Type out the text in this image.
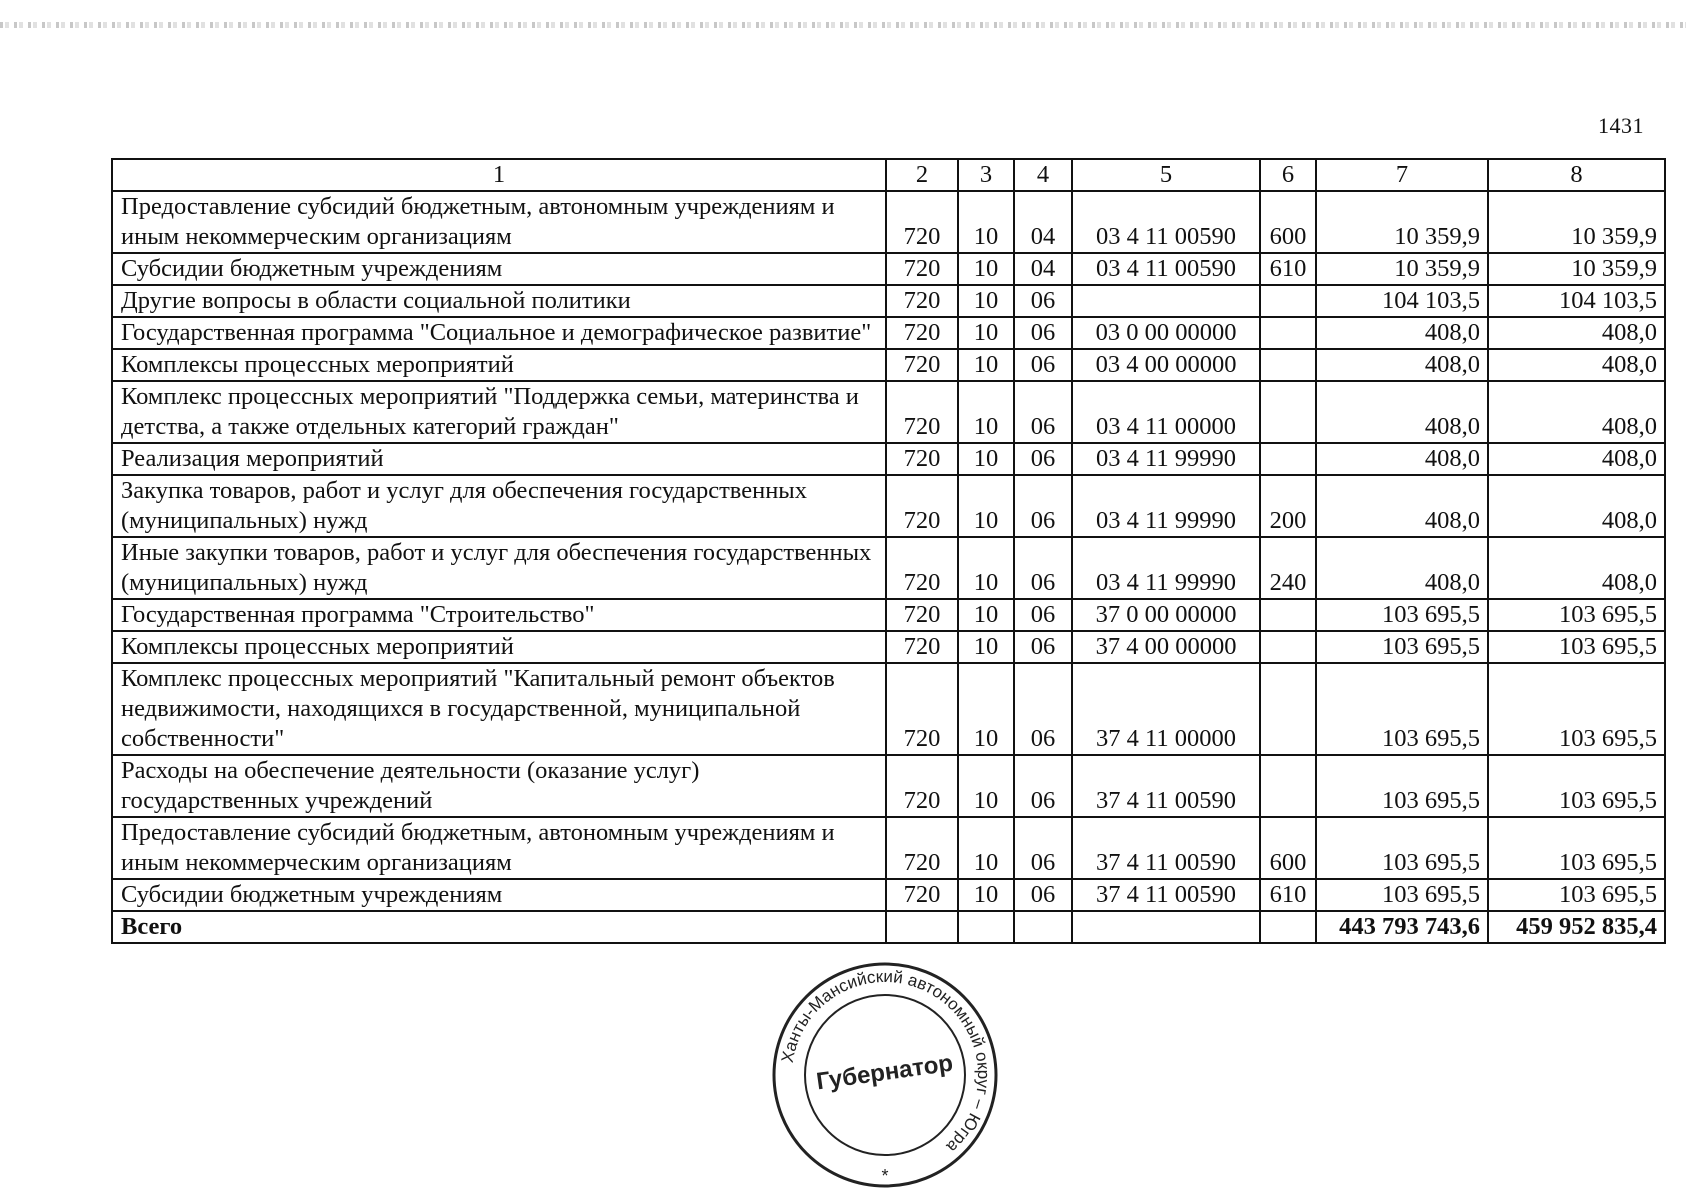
1431
1	2	3	4	5	6	7	8
Предоставление субсидий бюджетным, автономным учреждениям и иным некоммерческим организациям	720	10	04	03 4 11 00590	600	10 359,9	10 359,9
Субсидии бюджетным учреждениям	720	10	04	03 4 11 00590	610	10 359,9	10 359,9
Другие вопросы в области социальной политики	720	10	06			104 103,5	104 103,5
Государственная программа "Социальное и демографическое развитие"	720	10	06	03 0 00 00000		408,0	408,0
Комплексы процессных мероприятий	720	10	06	03 4 00 00000		408,0	408,0
Комплекс процессных мероприятий "Поддержка семьи, материнства и детства, а также отдельных категорий граждан"	720	10	06	03 4 11 00000		408,0	408,0
Реализация мероприятий	720	10	06	03 4 11 99990		408,0	408,0
Закупка товаров, работ и услуг для обеспечения государственных (муниципальных) нужд	720	10	06	03 4 11 99990	200	408,0	408,0
Иные закупки товаров, работ и услуг для обеспечения государственных (муниципальных) нужд	720	10	06	03 4 11 99990	240	408,0	408,0
Государственная программа "Строительство"	720	10	06	37 0 00 00000		103 695,5	103 695,5
Комплексы процессных мероприятий	720	10	06	37 4 00 00000		103 695,5	103 695,5
Комплекс процессных мероприятий "Капитальный ремонт объектов недвижимости, находящихся в государственной, муниципальной собственности"	720	10	06	37 4 11 00000		103 695,5	103 695,5
Расходы на обеспечение деятельности (оказание услуг) государственных учреждений	720	10	06	37 4 11 00590		103 695,5	103 695,5
Предоставление субсидий бюджетным, автономным учреждениям и иным некоммерческим организациям	720	10	06	37 4 11 00590	600	103 695,5	103 695,5
Субсидии бюджетным учреждениям	720	10	06	37 4 11 00590	610	103 695,5	103 695,5
Всего						443 793 743,6	459 952 835,4
Ханты-Мансийский автономный округ – Югра
Губернатор
*
